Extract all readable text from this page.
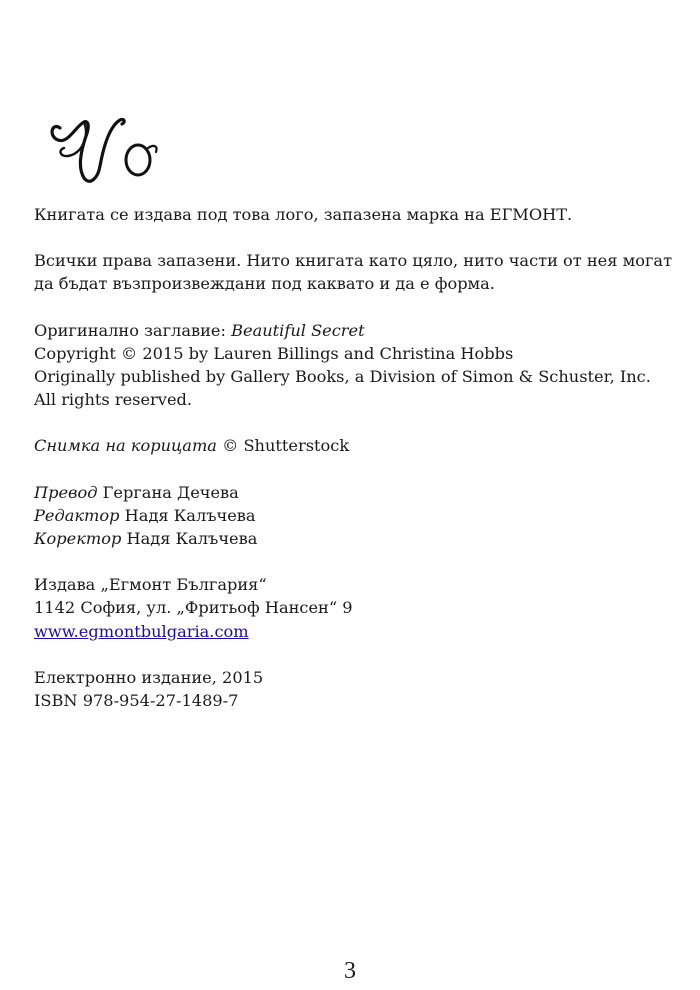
Книгата се издава под това лого, запазена марка на ЕГМОНТ.

Всички права запазени. Нито книгата като цяло, нито части от нея могат да бъдат възпроизвеждани под каквато и да е форма.

Оригинално заглавие: Beautiful Secret

Copyright © 2015 by Lauren Billings and Christina Hobbs

Originally published by Gallery Books, a Division of Simon & Schuster, Inc.

All rights reserved.

Снимка на корицата © Shutterstock

Превод Гергана Дечева

Редактор Надя Калъчева

Коректор Надя Калъчева

Издава „Егмонт България“

1142 София, ул. „Фритьоф Нансен“ 9

www.egmontbulgaria.com

Електронно издание, 2015

ISBN 978-954-27-1489-7

3
